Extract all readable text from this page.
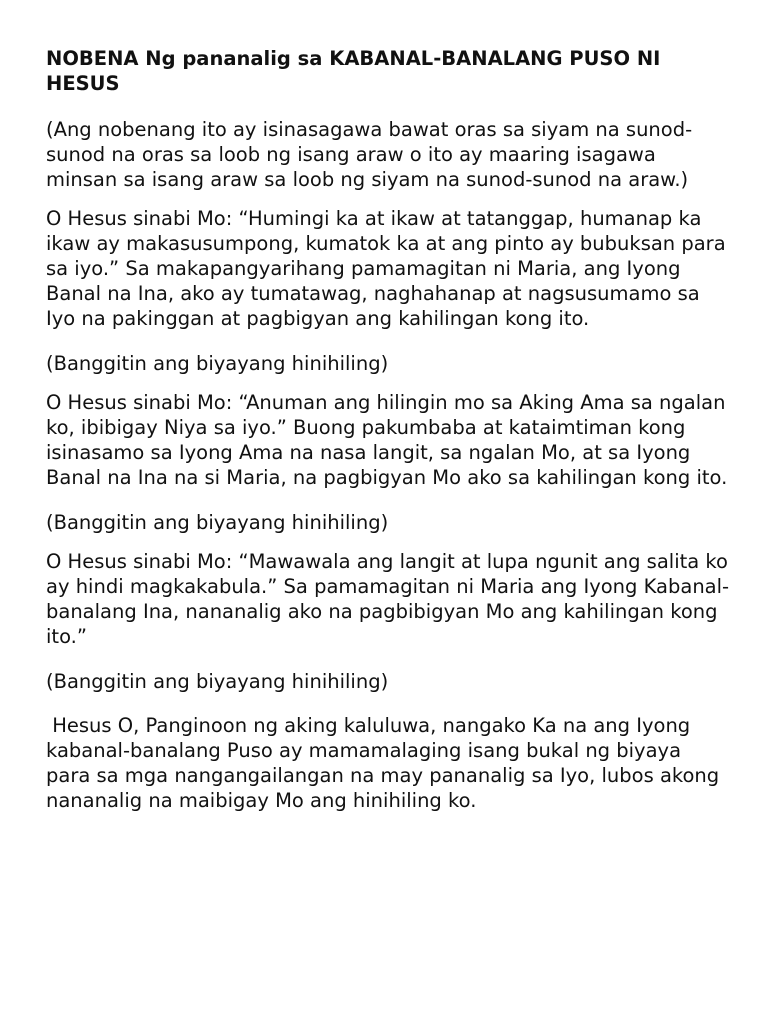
NOBENA Ng pananalig sa KABANAL-BANALANG PUSO NI HESUS

(Ang nobenang ito ay isinasagawa bawat oras sa siyam na sunod-sunod na oras sa loob ng isang araw o ito ay maaring isagawa minsan sa isang araw sa loob ng siyam na sunod-sunod na araw.)

O Hesus sinabi Mo: “Humingi ka at ikaw at tatanggap, humanap ka ikaw ay makasusumpong, kumatok ka at ang pinto ay bubuksan para sa iyo.” Sa makapangyarihang pamamagitan ni Maria, ang Iyong Banal na Ina, ako ay tumatawag, naghahanap at nagsusumamo sa Iyo na pakinggan at pagbigyan ang kahilingan kong ito.

(Banggitin ang biyayang hinihiling)

O Hesus sinabi Mo: “Anuman ang hilingin mo sa Aking Ama sa ngalan ko, ibibigay Niya sa iyo.” Buong pakumbaba at kataimtiman kong isinasamo sa Iyong Ama na nasa langit, sa ngalan Mo, at sa Iyong Banal na Ina na si Maria, na pagbigyan Mo ako sa kahilingan kong ito.

(Banggitin ang biyayang hinihiling)

O Hesus sinabi Mo: “Mawawala ang langit at lupa ngunit ang salita ko ay hindi magkakabula.” Sa pamamagitan ni Maria ang Iyong Kabanal-banalang Ina, nananalig ako na pagbibigyan Mo ang kahilingan kong ito.”

(Banggitin ang biyayang hinihiling)

Hesus O, Panginoon ng aking kaluluwa, nangako Ka na ang Iyong kabanal-banalang Puso ay mamamalaging isang bukal ng biyaya para sa mga nangangailangan na may pananalig sa Iyo, lubos akong nananalig na maibigay Mo ang hinihiling ko.
